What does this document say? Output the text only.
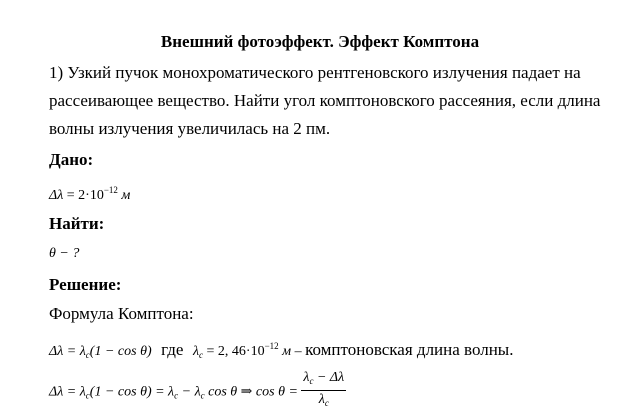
Внешний фотоэффект. Эффект Комптона
1) Узкий пучок монохроматического рентгеновского излучения падает на
рассеивающее вещество. Найти угол комптоновского рассеяния, если длина
волны излучения увеличилась на 2 пм.
Дано:
$\Delta\lambda = 2\cdot 10^{-12}$ м
Найти:
θ − ?
Решение:
Формула Комптона:
$\Delta\lambda = \lambda_c(1 - \cos \theta)$ где $\lambda_c = 2$, $46\cdot 10^{-12}$ м – комптоновская длина волны.
$\Delta\lambda = \lambda_c(1 - \cos \theta) = \lambda_c - \lambda_c$ cos θ ⇒ $\cos \theta = \frac{\lambda_c - \Delta\lambda}{\lambda_c}$
